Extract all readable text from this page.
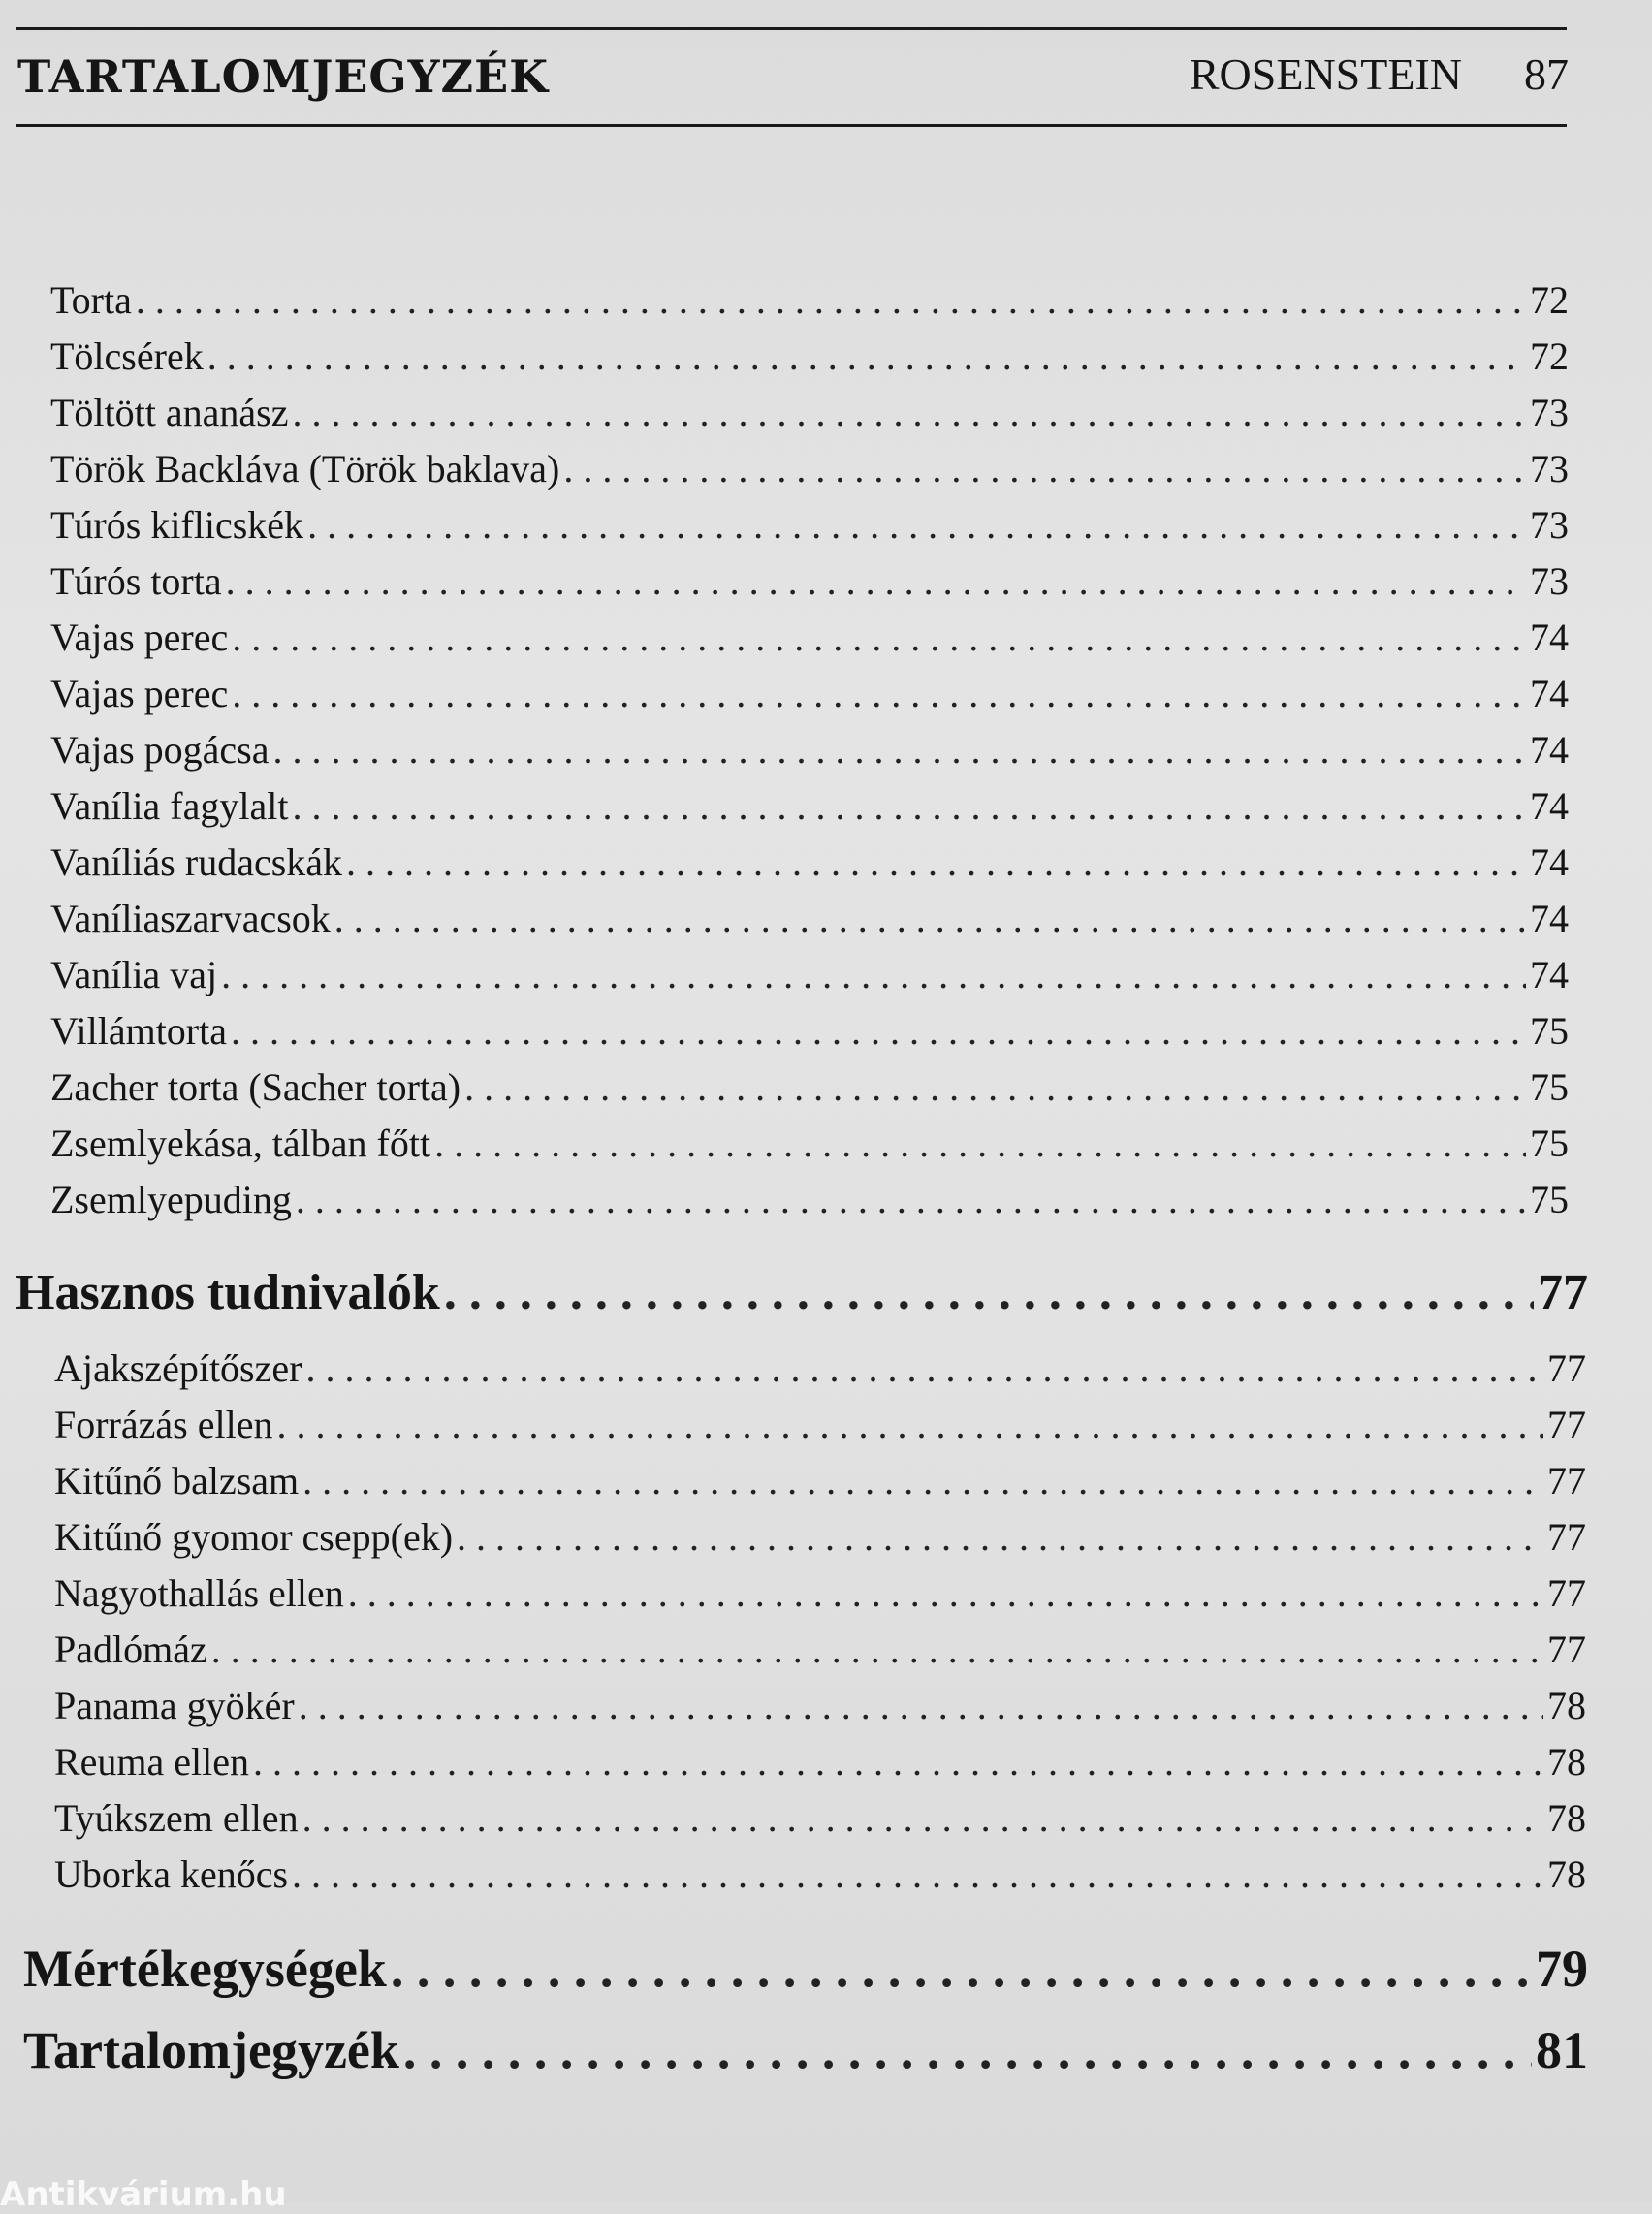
TARTALOMJEGYZÉK	ROSENSTEIN 87
Torta . . .	72
Tölcsérek . . .	72
Töltött ananász . . .	73
Török Backláva (Török baklava) . . .	73
Túrós kiflicskék . . .	73
Túrós torta . . .	73
Vajas perec . . .	74
Vajas perec . . .	74
Vajas pogácsa . . .	74
Vanília fagylalt . . .	74
Vaníliás rudacskák . . .	74
Vaníliaszarvacsok . . .	74
Vanília vaj . . .	74
Villámtorta . . .	75
Zacher torta (Sacher torta) . . .	75
Zsemlyekása, tálban főtt . . .	75
Zsemlyepuding . . .	75
Hasznos tudnivalók . . .	77
Ajakszépítőszer . . .	77
Forrázás ellen . . .	77
Kitűnő balzsam . . .	77
Kitűnő gyomor csepp(ek) . . .	77
Nagyothallás ellen . . .	77
Padlómáz . . .	77
Panama gyökér . . .	78
Reuma ellen . . .	78
Tyúkszem ellen . . .	78
Uborka kenőcs . . .	78
Mértékegységek . . .	79
Tartalomjegyzék . . .	81
Antikvárium.hu
